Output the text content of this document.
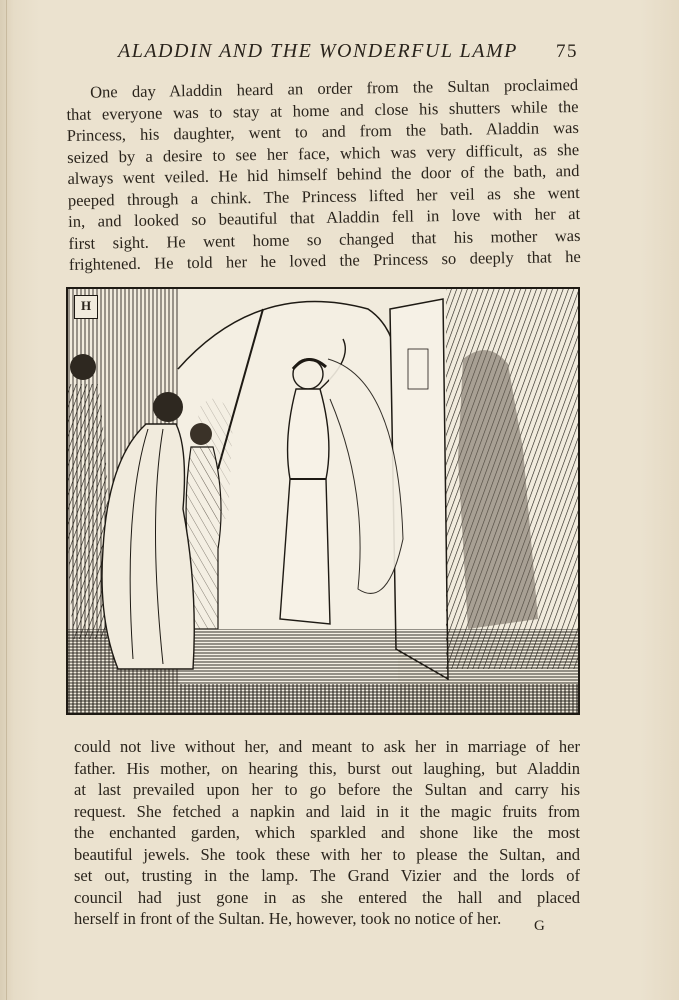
ALADDIN AND THE WONDERFUL LAMP 75
One day Aladdin heard an order from the Sultan proclaimed
that everyone was to stay at home and close his shutters while the
Princess, his daughter, went to and from the bath. Aladdin was
seized by a desire to see her face, which was very difficult, as she
always went veiled. He hid himself behind the door of the bath, and
peeped through a chink. The Princess lifted her veil as she went
in, and looked so beautiful that Aladdin fell in love with her at
first sight. He went home so changed that his mother was
frightened. He told her he loved the Princess so deeply that he
H
could not live without her, and meant to ask her in marriage of her
father. His mother, on hearing this, burst out laughing, but Aladdin
at last prevailed upon her to go before the Sultan and carry his
request. She fetched a napkin and laid in it the magic fruits from
the enchanted garden, which sparkled and shone like the most
beautiful jewels. She took these with her to please the Sultan, and
set out, trusting in the lamp. The Grand Vizier and the lords of
council had just gone in as she entered the hall and placed
herself in front of the Sultan. He, however, took no notice of her.	G
